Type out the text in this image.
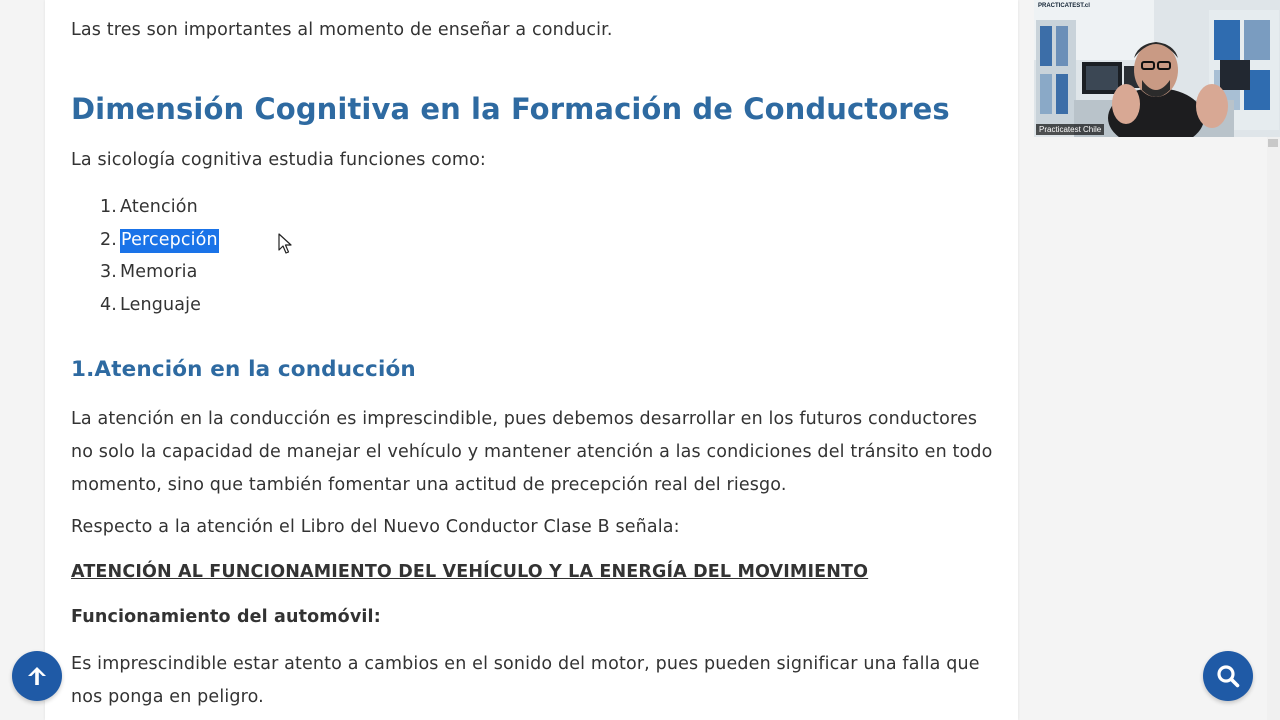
Las tres son importantes al momento de enseñar a conducir.
Dimensión Cognitiva en la Formación de Conductores
La sicología cognitiva estudia funciones como:
1. Atención
2. Percepción
3. Memoria
4. Lenguaje
1.Atención en la conducción

La atención en la conducción es imprescindible, pues debemos desarrollar en los futuros conductores no solo la capacidad de manejar el vehículo y mantener atención a las condiciones del tránsito en todo momento, sino que también fomentar una actitud de precepción real del riesgo.

Respecto a la atención el Libro del Nuevo Conductor Clase B señala:
ATENCIÓN AL FUNCIONAMIENTO DEL VEHÍCULO Y LA ENERGÍA DEL MOVIMIENTO
Funcionamiento del automóvil:

Es imprescindible estar atento a cambios en el sonido del motor, pues pueden significar una falla que nos ponga en peligro.

PRACTICATEST.cl
Practicatest Chile
